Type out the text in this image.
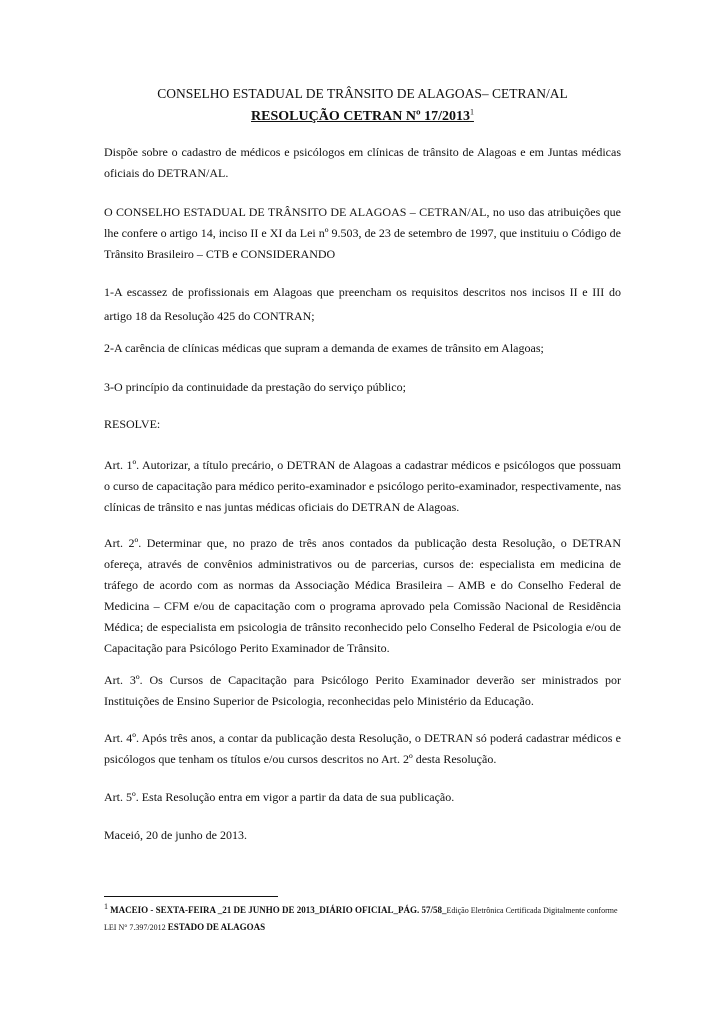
CONSELHO ESTADUAL DE TRÂNSITO DE ALAGOAS– CETRAN/AL

RESOLUÇÃO CETRAN Nº 17/2013$^1$

Dispõe sobre o cadastro de médicos e psicólogos em clínicas de trânsito de Alagoas e em Juntas médicas oficiais do DETRAN/AL.

O CONSELHO ESTADUAL DE TRÂNSITO DE ALAGOAS – CETRAN/AL, no uso das atribuições que lhe confere o artigo 14, inciso II e XI da Lei nº 9.503, de 23 de setembro de 1997, que instituiu o Código de Trânsito Brasileiro – CTB e CONSIDERANDO

1-A escassez de profissionais em Alagoas que preencham os requisitos descritos nos incisos II e III do artigo 18 da Resolução 425 do CONTRAN;

2-A carência de clínicas médicas que supram a demanda de exames de trânsito em Alagoas;

3-O princípio da continuidade da prestação do serviço público;

RESOLVE:

Art. 1º. Autorizar, a título precário, o DETRAN de Alagoas a cadastrar médicos e psicólogos que possuam o curso de capacitação para médico perito-examinador e psicólogo perito-examinador, respectivamente, nas clínicas de trânsito e nas juntas médicas oficiais do DETRAN de Alagoas.

Art. 2º. Determinar que, no prazo de três anos contados da publicação desta Resolução, o DETRAN ofereça, através de convênios administrativos ou de parcerias, cursos de: especialista em medicina de tráfego de acordo com as normas da Associação Médica Brasileira – AMB e do Conselho Federal de Medicina – CFM e/ou de capacitação com o programa aprovado pela Comissão Nacional de Residência Médica; de especialista em psicologia de trânsito reconhecido pelo Conselho Federal de Psicologia e/ou de Capacitação para Psicólogo Perito Examinador de Trânsito.

Art. 3º. Os Cursos de Capacitação para Psicólogo Perito Examinador deverão ser ministrados por Instituições de Ensino Superior de Psicologia, reconhecidas pelo Ministério da Educação.

Art. 4º. Após três anos, a contar da publicação desta Resolução, o DETRAN só poderá cadastrar médicos e psicólogos que tenham os títulos e/ou cursos descritos no Art. 2º desta Resolução.

Art. 5º. Esta Resolução entra em vigor a partir da data de sua publicação.

Maceió, 20 de junho de 2013.

1 MACEIO - SEXTA-FEIRA _21 DE JUNHO DE 2013_DIÁRIO OFICIAL_PÁG. 57/58_Edição Eletrônica Certificada Digitalmente conforme LEI N° 7.397/2012 ESTADO DE ALAGOAS
